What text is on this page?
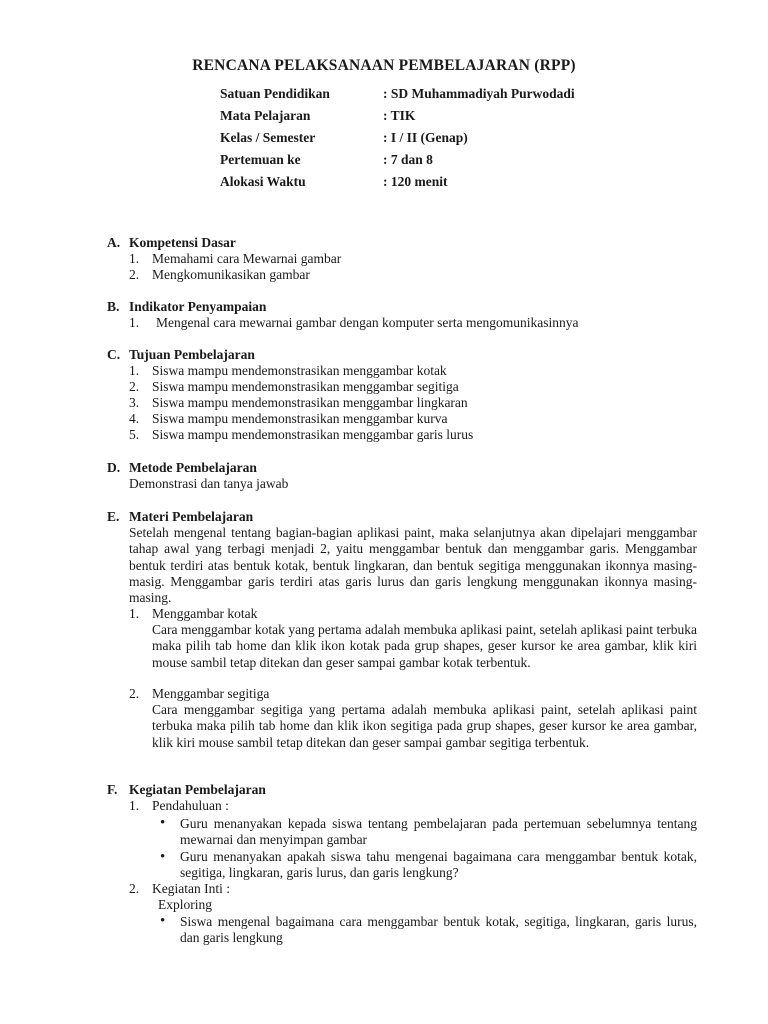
RENCANA PELAKSANAAN PEMBELAJARAN (RPP)
Satuan Pendidikan	: SD Muhammadiyah Purwodadi
Mata Pelajaran	: TIK
Kelas / Semester	: I / II (Genap)
Pertemuan ke	: 7 dan 8
Alokasi Waktu	: 120 menit
A. Kompetensi Dasar
1. Memahami cara Mewarnai gambar
2. Mengkomunikasikan gambar
B. Indikator Penyampaian
1. Mengenal cara mewarnai gambar dengan komputer serta mengomunikasinnya
C. Tujuan Pembelajaran
1. Siswa mampu mendemonstrasikan menggambar kotak
2. Siswa mampu mendemonstrasikan menggambar segitiga
3. Siswa mampu mendemonstrasikan menggambar lingkaran
4. Siswa mampu mendemonstrasikan menggambar kurva
5. Siswa mampu mendemonstrasikan menggambar garis lurus
D. Metode Pembelajaran
Demonstrasi dan tanya jawab
E. Materi Pembelajaran
Setelah mengenal tentang bagian-bagian aplikasi paint, maka selanjutnya akan dipelajari menggambar tahap awal yang terbagi menjadi 2, yaitu menggambar bentuk dan menggambar garis. Menggambar bentuk terdiri atas bentuk kotak, bentuk lingkaran, dan bentuk segitiga menggunakan ikonnya masing-masig. Menggambar garis terdiri atas garis lurus dan garis lengkung menggunakan ikonnya masing-masing.
1. Menggambar kotak
Cara menggambar kotak yang pertama adalah membuka aplikasi paint, setelah aplikasi paint terbuka maka pilih tab home dan klik ikon kotak pada grup shapes, geser kursor ke area gambar, klik kiri mouse sambil tetap ditekan dan geser sampai gambar kotak terbentuk.
2. Menggambar segitiga
Cara menggambar segitiga yang pertama adalah membuka aplikasi paint, setelah aplikasi paint terbuka maka pilih tab home dan klik ikon segitiga pada grup shapes, geser kursor ke area gambar, klik kiri mouse sambil tetap ditekan dan geser sampai gambar segitiga terbentuk.
F. Kegiatan Pembelajaran
1. Pendahuluan :
• Guru menanyakan kepada siswa tentang pembelajaran pada pertemuan sebelumnya tentang mewarnai dan menyimpan gambar
• Guru menanyakan apakah siswa tahu mengenai bagaimana cara menggambar bentuk kotak, segitiga, lingkaran, garis lurus, dan garis lengkung?
2. Kegiatan Inti :
Exploring
• Siswa mengenal bagaimana cara menggambar bentuk kotak, segitiga, lingkaran, garis lurus, dan garis lengkung
